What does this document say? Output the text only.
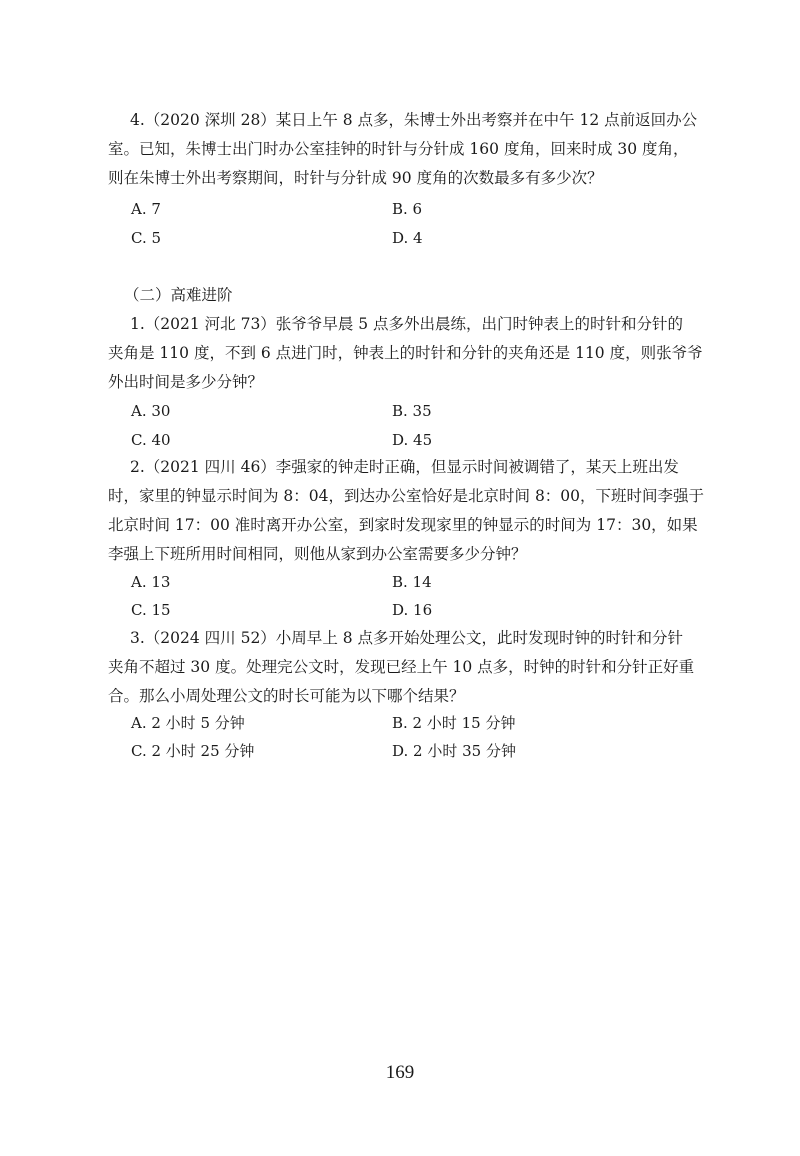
4.（2020 深圳 28）某日上午 8 点多，朱博士外出考察并在中午 12 点前返回办公
室。已知，朱博士出门时办公室挂钟的时针与分针成 160 度角，回来时成 30 度角，
则在朱博士外出考察期间，时针与分针成 90 度角的次数最多有多少次？
A. 7	B. 6
C. 5	D. 4
（二）高难进阶
1.（2021 河北 73）张爷爷早晨 5 点多外出晨练，出门时钟表上的时针和分针的
夹角是 110 度，不到 6 点进门时，钟表上的时针和分针的夹角还是 110 度，则张爷爷
外出时间是多少分钟？
A. 30	B. 35
C. 40	D. 45
2.（2021 四川 46）李强家的钟走时正确，但显示时间被调错了，某天上班出发
时，家里的钟显示时间为 8：04，到达办公室恰好是北京时间 8：00，下班时间李强于
北京时间 17：00 准时离开办公室，到家时发现家里的钟显示的时间为 17：30，如果
李强上下班所用时间相同，则他从家到办公室需要多少分钟？
A. 13	B. 14
C. 15	D. 16
3.（2024 四川 52）小周早上 8 点多开始处理公文，此时发现时钟的时针和分针
夹角不超过 30 度。处理完公文时，发现已经上午 10 点多，时钟的时针和分针正好重
合。那么小周处理公文的时长可能为以下哪个结果？
A. 2 小时 5 分钟	B. 2 小时 15 分钟
C. 2 小时 25 分钟	D. 2 小时 35 分钟
169
